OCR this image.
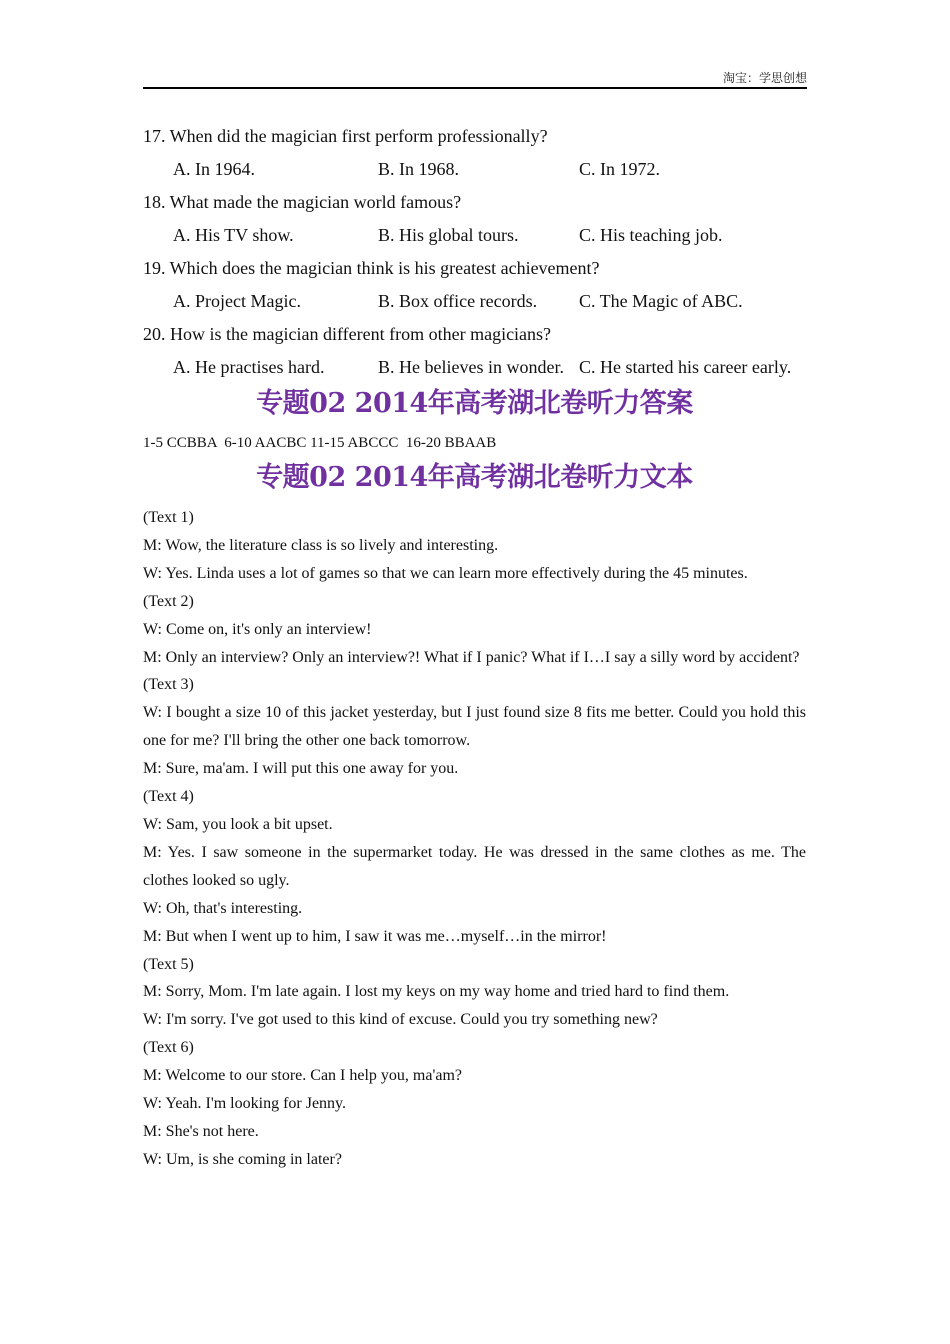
淘宝：学思创想
17. When did the magician first perform professionally?
A. In 1964.	B. In 1968.	C. In 1972.
18. What made the magician world famous?
A. His TV show.	B. His global tours.	C. His teaching job.
19. Which does the magician think is his greatest achievement?
A. Project Magic.	B. Box office records. C. The Magic of ABC.
20. How is the magician different from other magicians?
A. He practises hard.	B. He believes in wonder. C. He started his career early.
专题02 2014年高考湖北卷听力答案
1-5 CCBBA  6-10 AACBC 11-15 ABCCC  16-20 BBAAB
专题02 2014年高考湖北卷听力文本
(Text 1)
M: Wow, the literature class is so lively and interesting.
W: Yes. Linda uses a lot of games so that we can learn more effectively during the 45 minutes.
(Text 2)
W: Come on, it's only an interview!
M: Only an interview? Only an interview?! What if I panic? What if I…I say a silly word by accident?
(Text 3)
W: I bought a size 10 of this jacket yesterday, but I just found size 8 fits me better. Could you hold this one for me? I'll bring the other one back tomorrow.
M: Sure, ma'am. I will put this one away for you.
(Text 4)
W: Sam, you look a bit upset.
M: Yes. I saw someone in the supermarket today. He was dressed in the same clothes as me. The clothes looked so ugly.
W: Oh, that's interesting.
M: But when I went up to him, I saw it was me…myself…in the mirror!
(Text 5)
M: Sorry, Mom. I'm late again. I lost my keys on my way home and tried hard to find them.
W: I'm sorry. I've got used to this kind of excuse. Could you try something new?
(Text 6)
M: Welcome to our store. Can I help you, ma'am?
W: Yeah. I'm looking for Jenny.
M: She's not here.
W: Um, is she coming in later?
